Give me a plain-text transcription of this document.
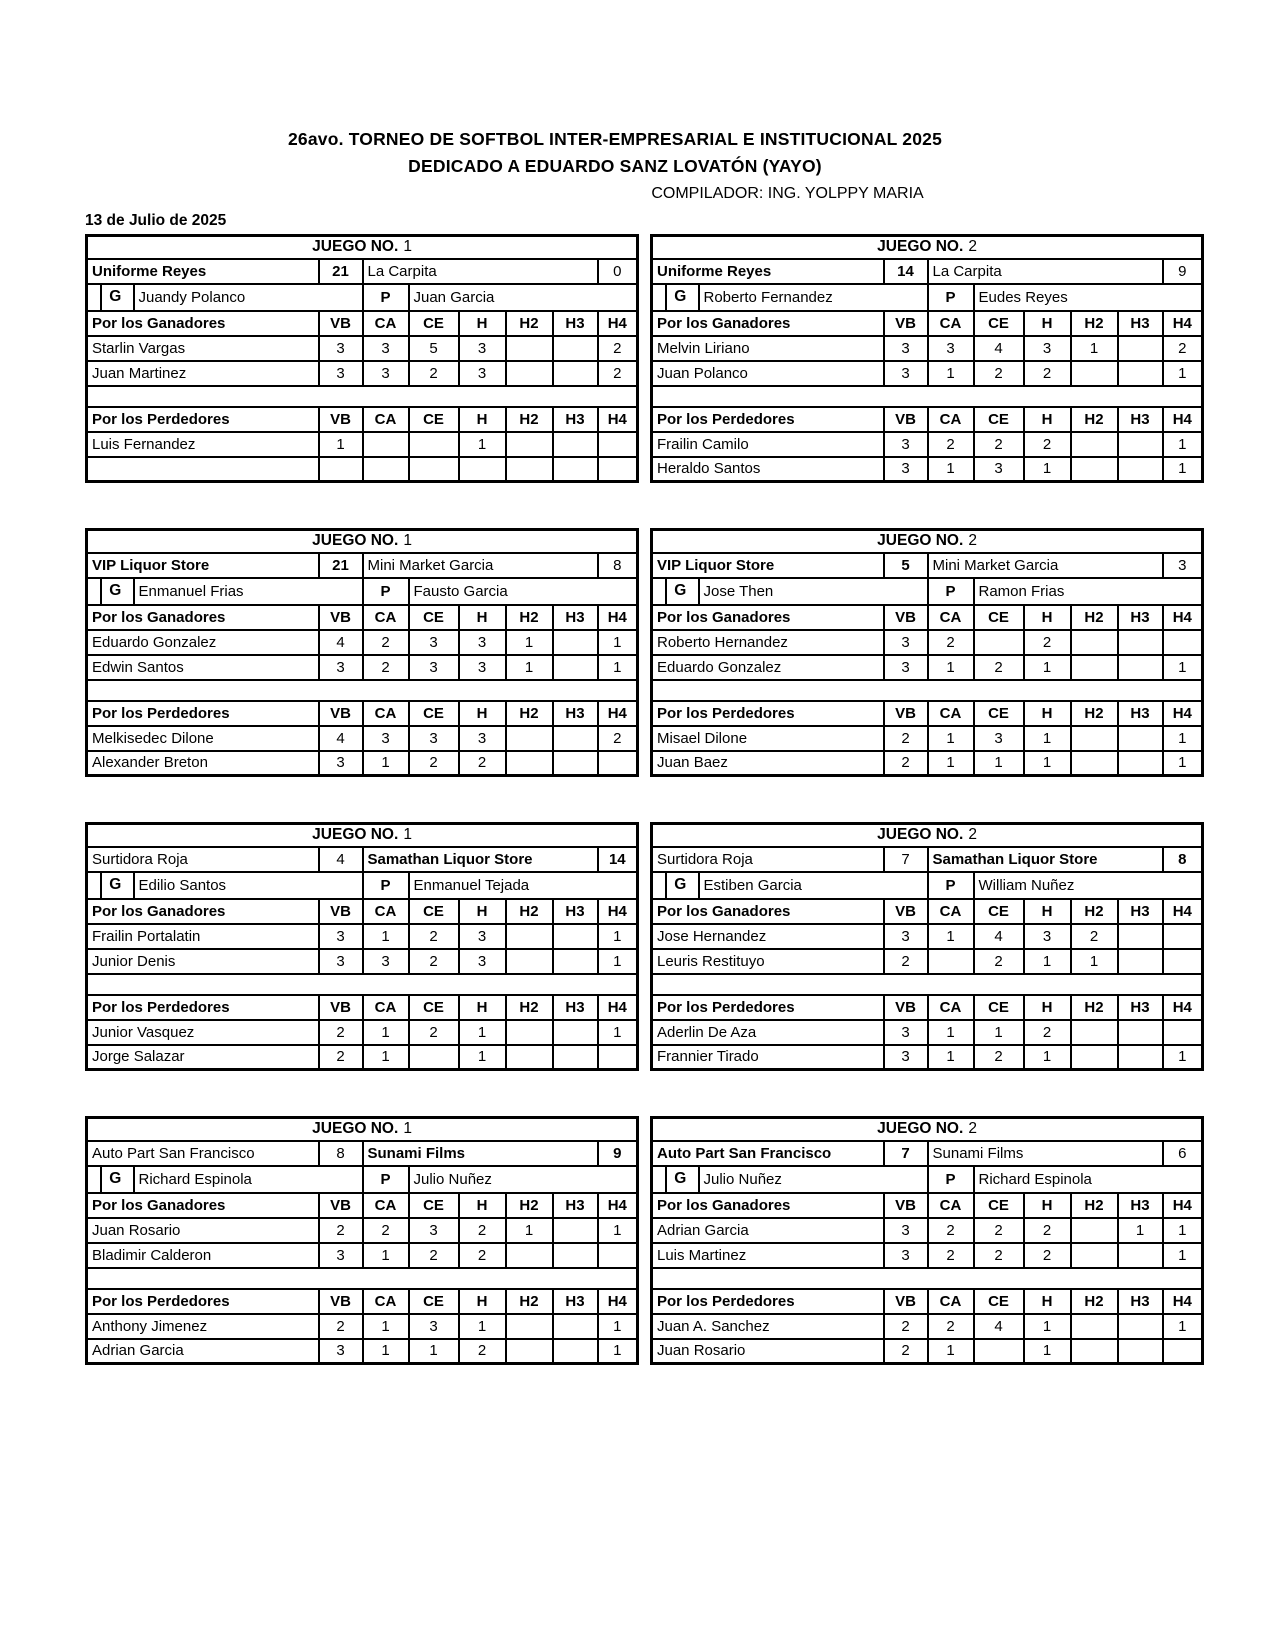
26avo. TORNEO DE SOFTBOL INTER-EMPRESARIAL E INSTITUCIONAL 2025
DEDICADO A EDUARDO SANZ LOVATÓN (YAYO)
COMPILADOR: ING. YOLPPY MARIA
13 de Julio de 2025
JUEGO NO. 1								
Uniforme Reyes		21	La Carpita					0

G	Juandy Polanco		P	Juan Garcia				
Por los Ganadores		VB	CA	CE	H	H2	H3	H4
Starlin Vargas		3	3	5	3			2
Juan Martinez		3	3	2	3			2

Por los Perdedores		VB	CA	CE	H	H2	H3	H4
Luis Fernandez		1			1			

JUEGO NO. 2								
Uniforme Reyes		14	La Carpita					9

G	Roberto Fernandez		P	Eudes Reyes				
Por los Ganadores		VB	CA	CE	H	H2	H3	H4
Melvin Liriano		3	3	4	3	1		2
Juan Polanco		3	1	2	2			1

Por los Perdedores		VB	CA	CE	H	H2	H3	H4
Frailin Camilo		3	2	2	2			1
Heraldo Santos		3	1	3	1			1
JUEGO NO. 1								
VIP Liquor Store		21	Mini Market Garcia					8

G	Enmanuel Frias		P	Fausto Garcia				
Por los Ganadores		VB	CA	CE	H	H2	H3	H4
Eduardo Gonzalez		4	2	3	3	1		1
Edwin Santos		3	2	3	3	1		1

Por los Perdedores		VB	CA	CE	H	H2	H3	H4
Melkisedec Dilone		4	3	3	3			2
Alexander Breton		3	1	2	2			
JUEGO NO. 2								
VIP Liquor Store		5	Mini Market Garcia					3

G	Jose Then		P	Ramon Frias				
Por los Ganadores		VB	CA	CE	H	H2	H3	H4
Roberto Hernandez		3	2		2			
Eduardo Gonzalez		3	1	2	1			1

Por los Perdedores		VB	CA	CE	H	H2	H3	H4
Misael Dilone		2	1	3	1			1
Juan Baez		2	1	1	1			1
JUEGO NO. 1								
Surtidora Roja		4	Samathan Liquor Store					14

G	Edilio Santos		P	Enmanuel Tejada				
Por los Ganadores		VB	CA	CE	H	H2	H3	H4
Frailin Portalatin		3	1	2	3			1
Junior Denis		3	3	2	3			1

Por los Perdedores		VB	CA	CE	H	H2	H3	H4
Junior Vasquez		2	1	2	1			1
Jorge Salazar		2	1		1			
JUEGO NO. 2								
Surtidora Roja		7	Samathan Liquor Store					8

G	Estiben Garcia		P	William Nuñez				
Por los Ganadores		VB	CA	CE	H	H2	H3	H4
Jose Hernandez		3	1	4	3	2		
Leuris Restituyo		2		2	1	1		

Por los Perdedores		VB	CA	CE	H	H2	H3	H4
Aderlin De Aza		3	1	1	2			
Frannier Tirado		3	1	2	1			1
JUEGO NO. 1								
Auto Part San Francisco		8	Sunami Films					9

G	Richard Espinola		P	Julio Nuñez				
Por los Ganadores		VB	CA	CE	H	H2	H3	H4
Juan Rosario		2	2	3	2	1		1
Bladimir Calderon		3	1	2	2			

Por los Perdedores		VB	CA	CE	H	H2	H3	H4
Anthony Jimenez		2	1	3	1			1
Adrian Garcia		3	1	1	2			1
JUEGO NO. 2								
Auto Part San Francisco		7	Sunami Films					6

G	Julio Nuñez		P	Richard Espinola				
Por los Ganadores		VB	CA	CE	H	H2	H3	H4
Adrian Garcia		3	2	2	2		1	1
Luis Martinez		3	2	2	2			1

Por los Perdedores		VB	CA	CE	H	H2	H3	H4
Juan A. Sanchez		2	2	4	1			1
Juan Rosario		2	1		1			
